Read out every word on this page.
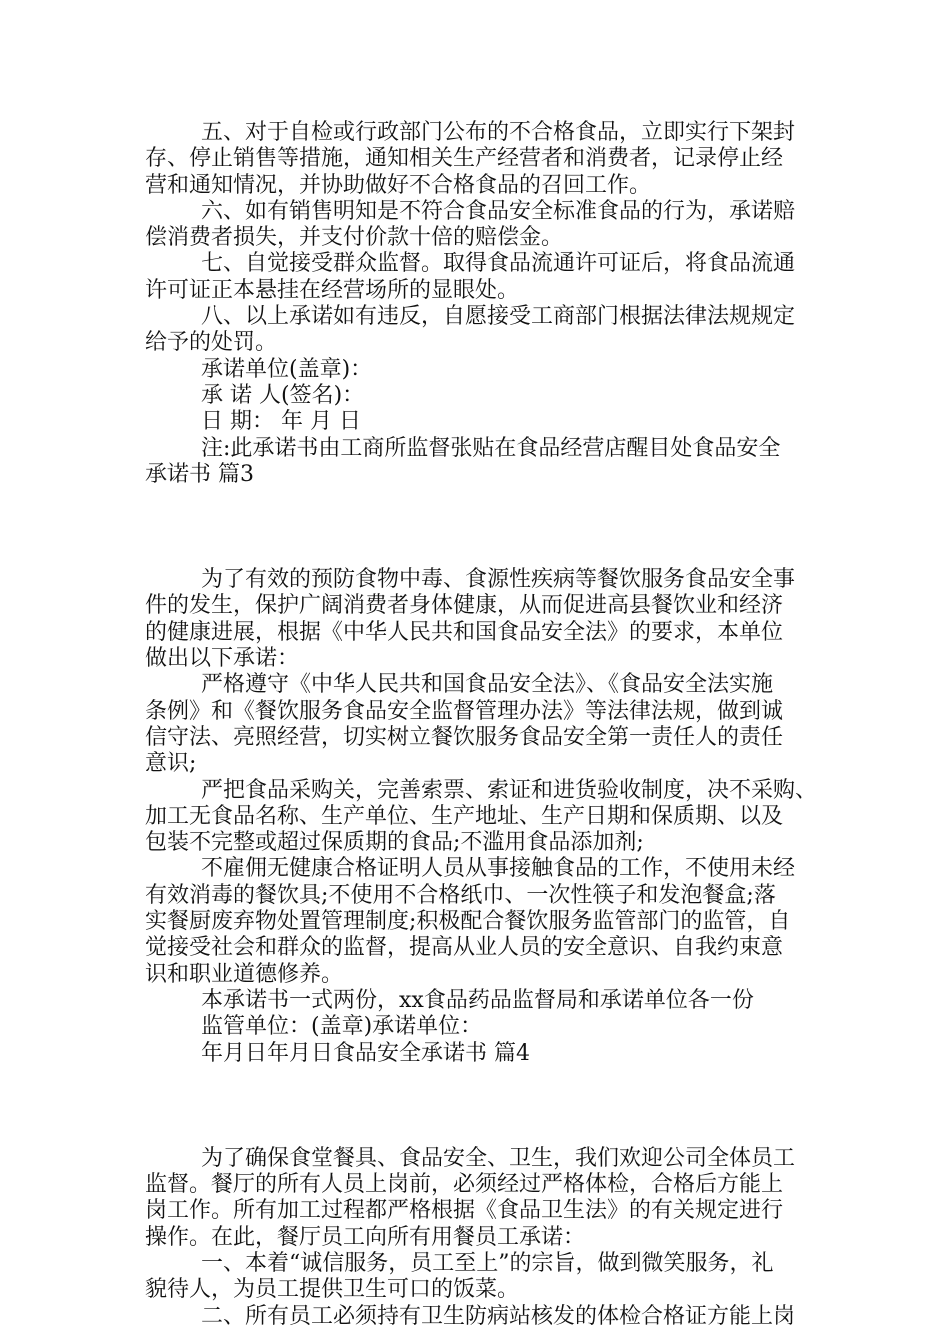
五、对于自检或行政部门公布的不合格食品，立即实行下架封
存、停止销售等措施，通知相关生产经营者和消费者，记录停止经
营和通知情况，并协助做好不合格食品的召回工作。
六、如有销售明知是不符合食品安全标准食品的行为，承诺赔
偿消费者损失，并支付价款十倍的赔偿金。
七、自觉接受群众监督。取得食品流通许可证后，将食品流通
许可证正本悬挂在经营场所的显眼处。
八、以上承诺如有违反，自愿接受工商部门根据法律法规规定
给予的处罚。
承诺单位(盖章)：
承 诺 人(签名)：
日 期： 年 月 日
注:此承诺书由工商所监督张贴在食品经营店醒目处食品安全
承诺书 篇3
为了有效的预防食物中毒、食源性疾病等餐饮服务食品安全事
件的发生，保护广阔消费者身体健康，从而促进高县餐饮业和经济
的健康进展，根据《中华人民共和国食品安全法》的要求，本单位
做出以下承诺：
严格遵守《中华人民共和国食品安全法》、《食品安全法实施
条例》和《餐饮服务食品安全监督管理办法》等法律法规，做到诚
信守法、亮照经营，切实树立餐饮服务食品安全第一责任人的责任
意识;
严把食品采购关，完善索票、索证和进货验收制度，决不采购、
加工无食品名称、生产单位、生产地址、生产日期和保质期、以及
包装不完整或超过保质期的食品;不滥用食品添加剂;
不雇佣无健康合格证明人员从事接触食品的工作，不使用未经
有效消毒的餐饮具;不使用不合格纸巾、一次性筷子和发泡餐盒;落
实餐厨废弃物处置管理制度;积极配合餐饮服务监管部门的监管，自
觉接受社会和群众的监督，提高从业人员的安全意识、自我约束意
识和职业道德修养。
本承诺书一式两份，xx食品药品监督局和承诺单位各一份
监管单位：(盖章)承诺单位：
年月日年月日食品安全承诺书 篇4
为了确保食堂餐具、食品安全、卫生，我们欢迎公司全体员工
监督。餐厅的所有人员上岗前，必须经过严格体检，合格后方能上
岗工作。所有加工过程都严格根据《食品卫生法》的有关规定进行
操作。在此，餐厅员工向所有用餐员工承诺：
一、本着“诚信服务，员工至上”的宗旨，做到微笑服务，礼
貌待人，为员工提供卫生可口的饭菜。
二、所有员工必须持有卫生防病站核发的体检合格证方能上岗
